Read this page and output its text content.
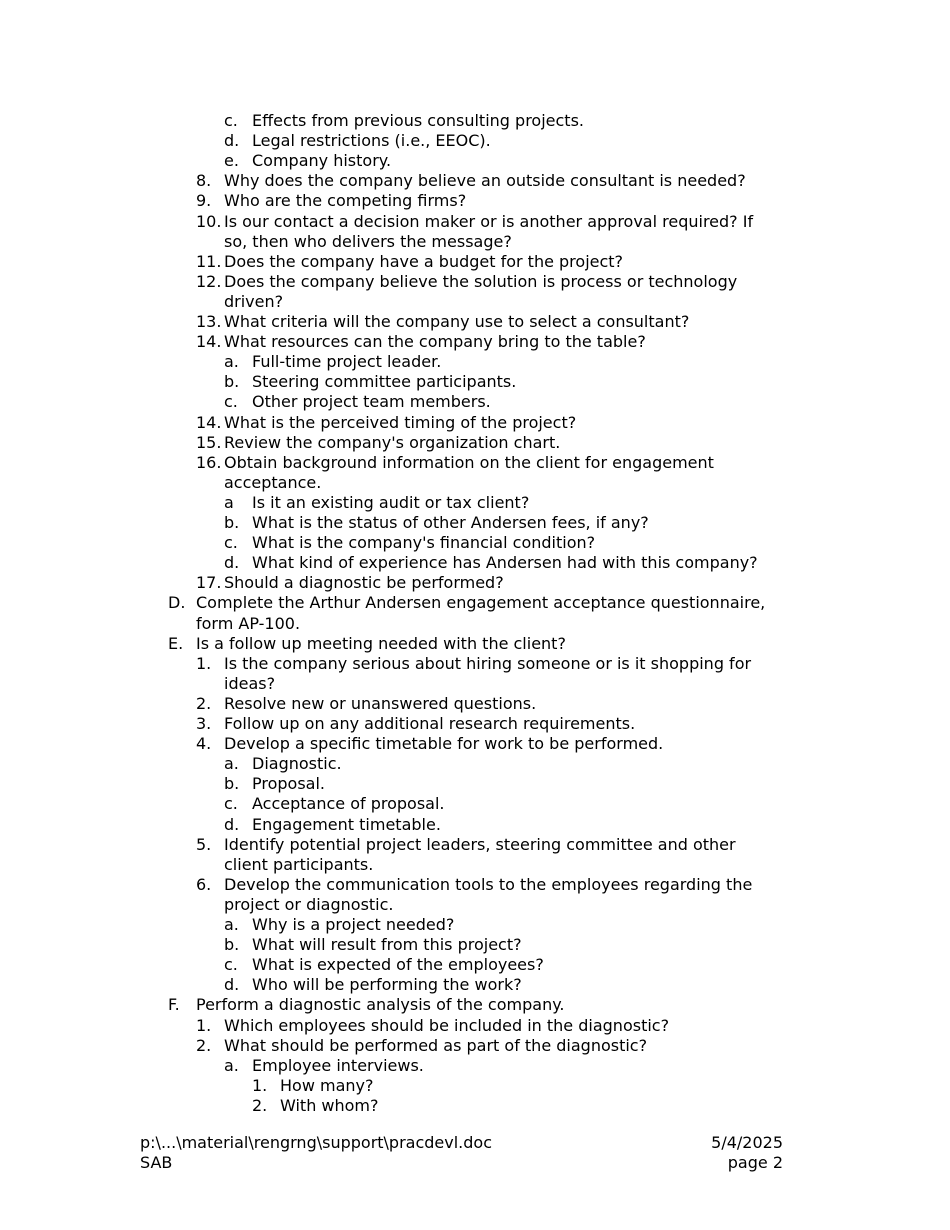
c. Effects from previous consulting projects.
d. Legal restrictions (i.e., EEOC).
e. Company history.
8. Why does the company believe an outside consultant is needed?
9. Who are the competing firms?
10. Is our contact a decision maker or is another approval required? If
so, then who delivers the message?
11. Does the company have a budget for the project?
12. Does the company believe the solution is process or technology
driven?
13. What criteria will the company use to select a consultant?
14. What resources can the company bring to the table?
a. Full-time project leader.
b. Steering committee participants.
c. Other project team members.
14. What is the perceived timing of the project?
15. Review the company's organization chart.
16. Obtain background information on the client for engagement
acceptance.
a Is it an existing audit or tax client?
b. What is the status of other Andersen fees, if any?
c. What is the company's financial condition?
d. What kind of experience has Andersen had with this company?
17. Should a diagnostic be performed?
D. Complete the Arthur Andersen engagement acceptance questionnaire,
form AP-100.
E. Is a follow up meeting needed with the client?
1. Is the company serious about hiring someone or is it shopping for
ideas?
2. Resolve new or unanswered questions.
3. Follow up on any additional research requirements.
4. Develop a specific timetable for work to be performed.
a. Diagnostic.
b. Proposal.
c. Acceptance of proposal.
d. Engagement timetable.
5. Identify potential project leaders, steering committee and other
client participants.
6. Develop the communication tools to the employees regarding the
project or diagnostic.
a. Why is a project needed?
b. What will result from this project?
c. What is expected of the employees?
d. Who will be performing the work?
F. Perform a diagnostic analysis of the company.
1. Which employees should be included in the diagnostic?
2. What should be performed as part of the diagnostic?
a. Employee interviews.
1. How many?
2. With whom?
p:\...\material\rengrng\support\pracdevl.doc
SAB
5/4/2025
page 2
